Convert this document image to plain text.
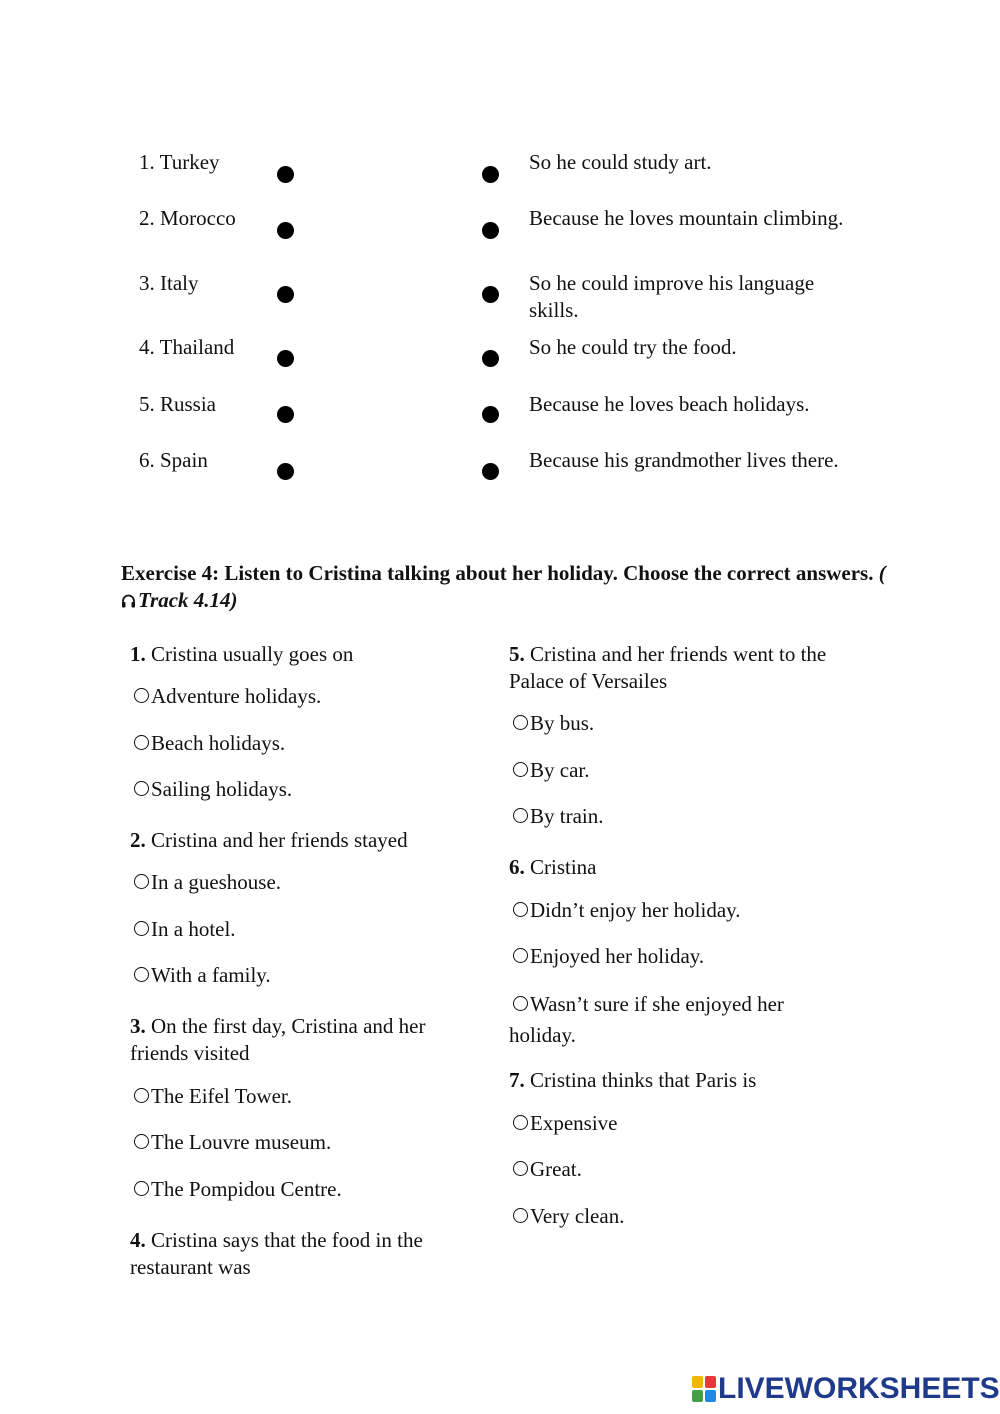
1. Turkey
2. Morocco
3. Italy
4. Thailand
5. Russia
6. Spain
So he could study art.
Because he loves mountain climbing.
So he could improve his language skills.
So he could try the food.
Because he loves beach holidays.
Because his grandmother lives there.
Exercise 4: Listen to Cristina talking about her holiday. Choose the correct answers. ( Track 4.14)
1. Cristina usually goes on
Adventure holidays.
Beach holidays.
Sailing holidays.
2. Cristina and her friends stayed
In a gueshouse.
In a hotel.
With a family.
3. On the first day, Cristina and her friends visited
The Eifel Tower.
The Louvre museum.
The Pompidou Centre.
4. Cristina says that the food in the restaurant was
5. Cristina and her friends went to the Palace of Versailes
By bus.
By car.
By train.
6. Cristina
Didn’t enjoy her holiday.
Enjoyed her holiday.
Wasn’t sure if she enjoyed her holiday.
7. Cristina thinks that Paris is
Expensive
Great.
Very clean.
LIVEWORKSHEETS
